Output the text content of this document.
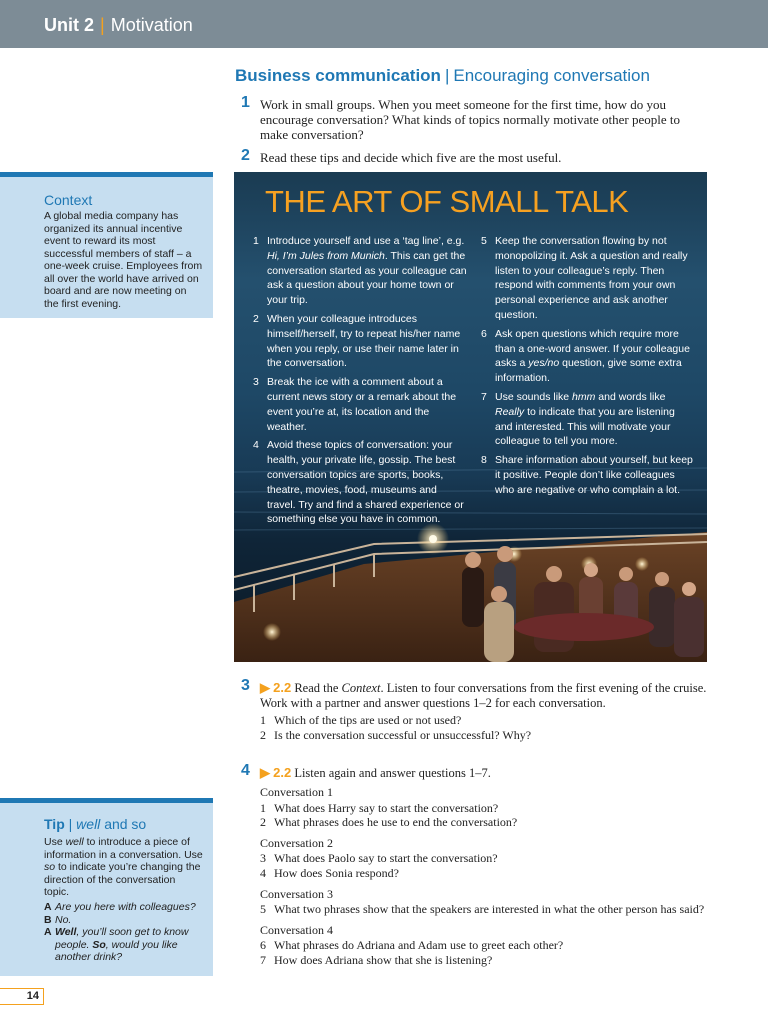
Unit 2 | Motivation
Business communication | Encouraging conversation
1 Work in small groups. When you meet someone for the first time, how do you encourage conversation? What kinds of topics normally motivate other people to make conversation?
2 Read these tips and decide which five are the most useful.
Context
A global media company has organized its annual incentive event to reward its most successful members of staff – a one-week cruise. Employees from all over the world have arrived on board and are now meeting on the first evening.
THE ART OF SMALL TALK
1 Introduce yourself and use a ‘tag line’, e.g. Hi, I’m Jules from Munich. This can get the conversation started as your colleague can ask a question about your home town or your trip.
2 When your colleague introduces himself/herself, try to repeat his/her name when you reply, or use their name later in the conversation.
3 Break the ice with a comment about a current news story or a remark about the event you’re at, its location and the weather.
4 Avoid these topics of conversation: your health, your private life, gossip. The best conversation topics are sports, books, theatre, movies, food, museums and travel. Try and find a shared experience or something else you have in common.
5 Keep the conversation flowing by not monopolizing it. Ask a question and really listen to your colleague’s reply. Then respond with comments from your own personal experience and ask another question.
6 Ask open questions which require more than a one-word answer. If your colleague asks a yes/no question, give some extra information.
7 Use sounds like hmm and words like Really to indicate that you are listening and interested. This will motivate your colleague to tell you more.
8 Share information about yourself, but keep it positive. People don’t like colleagues who are negative or who complain a lot.
3 ▶ 2.2 Read the Context. Listen to four conversations from the first evening of the cruise. Work with a partner and answer questions 1–2 for each conversation.
1 Which of the tips are used or not used?
2 Is the conversation successful or unsuccessful? Why?
4 ▶ 2.2 Listen again and answer questions 1–7.
Conversation 1
1 What does Harry say to start the conversation?
2 What phrases does he use to end the conversation?
Conversation 2
3 What does Paolo say to start the conversation?
4 How does Sonia respond?
Conversation 3
5 What two phrases show that the speakers are interested in what the other person has said?
Conversation 4
6 What phrases do Adriana and Adam use to greet each other?
7 How does Adriana show that she is listening?
Tip | well and so
Use well to introduce a piece of information in a conversation. Use so to indicate you’re changing the direction of the conversation topic.
A Are you here with colleagues?
B No.
A Well, you’ll soon get to know people. So, would you like another drink?
14
